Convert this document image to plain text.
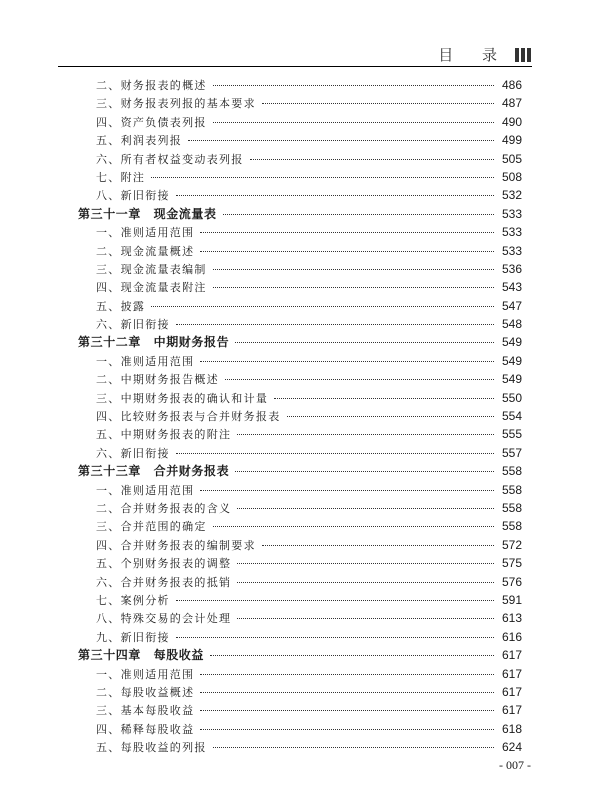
目 录
二、财务报表的概述	486
三、财务报表列报的基本要求	487
四、资产负债表列报	490
五、利润表列报	499
六、所有者权益变动表列报	505
七、附注	508
八、新旧衔接	532
第三十一章　现金流量表	533
一、准则适用范围	533
二、现金流量概述	533
三、现金流量表编制	536
四、现金流量表附注	543
五、披露	547
六、新旧衔接	548
第三十二章　中期财务报告	549
一、准则适用范围	549
二、中期财务报告概述	549
三、中期财务报表的确认和计量	550
四、比较财务报表与合并财务报表	554
五、中期财务报表的附注	555
六、新旧衔接	557
第三十三章　合并财务报表	558
一、准则适用范围	558
二、合并财务报表的含义	558
三、合并范围的确定	558
四、合并财务报表的编制要求	572
五、个别财务报表的调整	575
六、合并财务报表的抵销	576
七、案例分析	591
八、特殊交易的会计处理	613
九、新旧衔接	616
第三十四章　每股收益	617
一、准则适用范围	617
二、每股收益概述	617
三、基本每股收益	617
四、稀释每股收益	618
五、每股收益的列报	624
- 007 -
